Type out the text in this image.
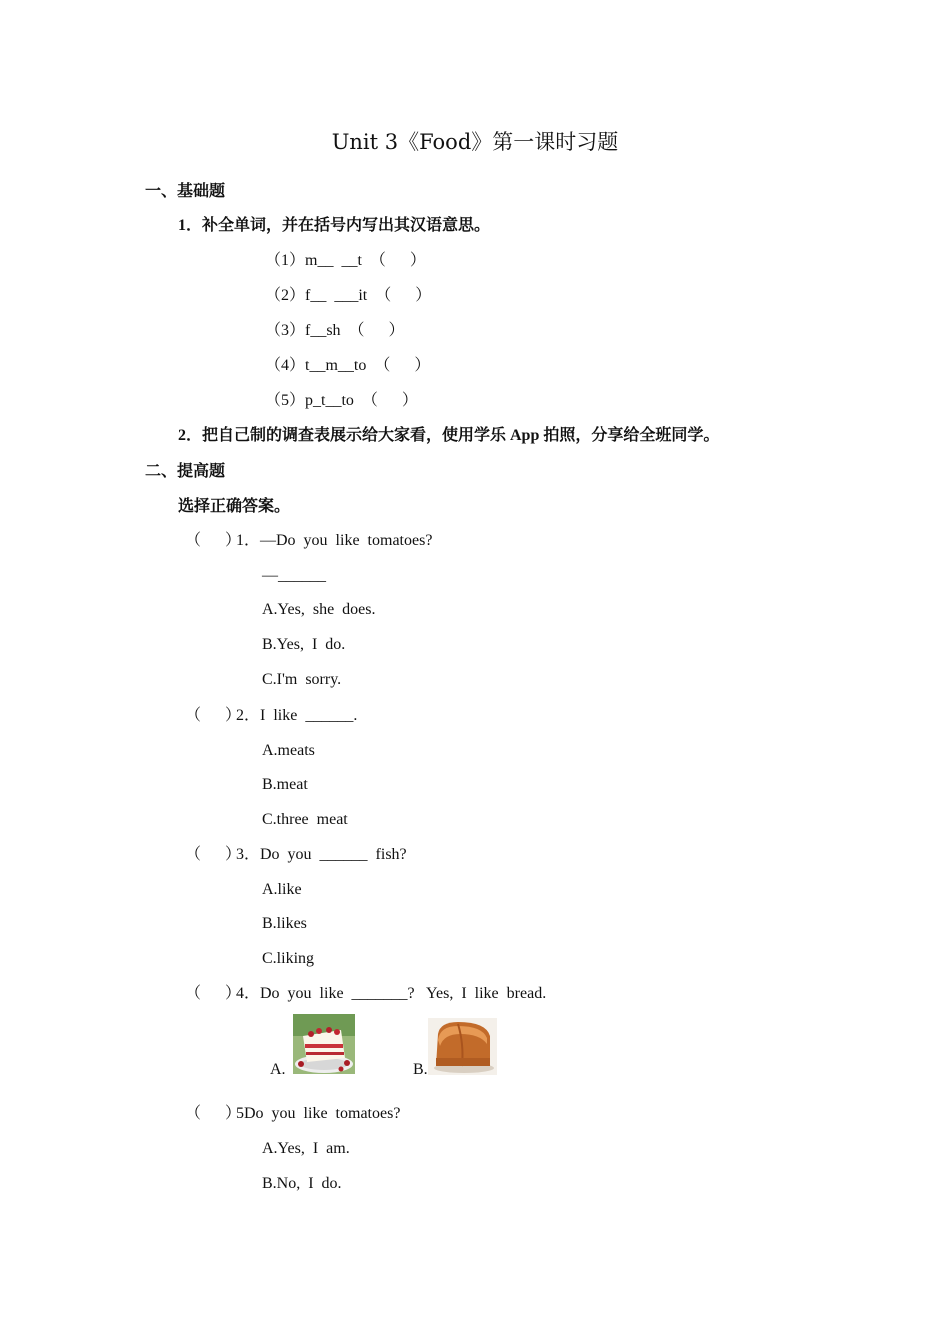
Unit 3《Food》第一课时习题
一、基础题
1．补全单词，并在括号内写出其汉语意思。
（1）m__  __t  （      ）
（2）f__  ___it  （      ）
（3）f__sh  （      ）
（4）t__m__to  （      ）
（5）p_t__to  （      ）
2．把自己制的调查表展示给大家看，使用学乐 App 拍照，分享给全班同学。
二、提高题
选择正确答案。
（      ）
1．—Do  you  like  tomatoes?
—______
A.Yes,  she  does.
B.Yes,  I  do.
C.I'm  sorry.
（      ）
2．I  like  ______.
A.meats
B.meat
C.three  meat
（      ）
3．Do  you  ______  fish?
A.like
B.likes
C.liking
（      ）
4．Do  you  like  _______?   Yes,  I  like  bread.
A.	B.
（      ）
5Do  you  like  tomatoes?
A.Yes,  I  am.
B.No,  I  do.
